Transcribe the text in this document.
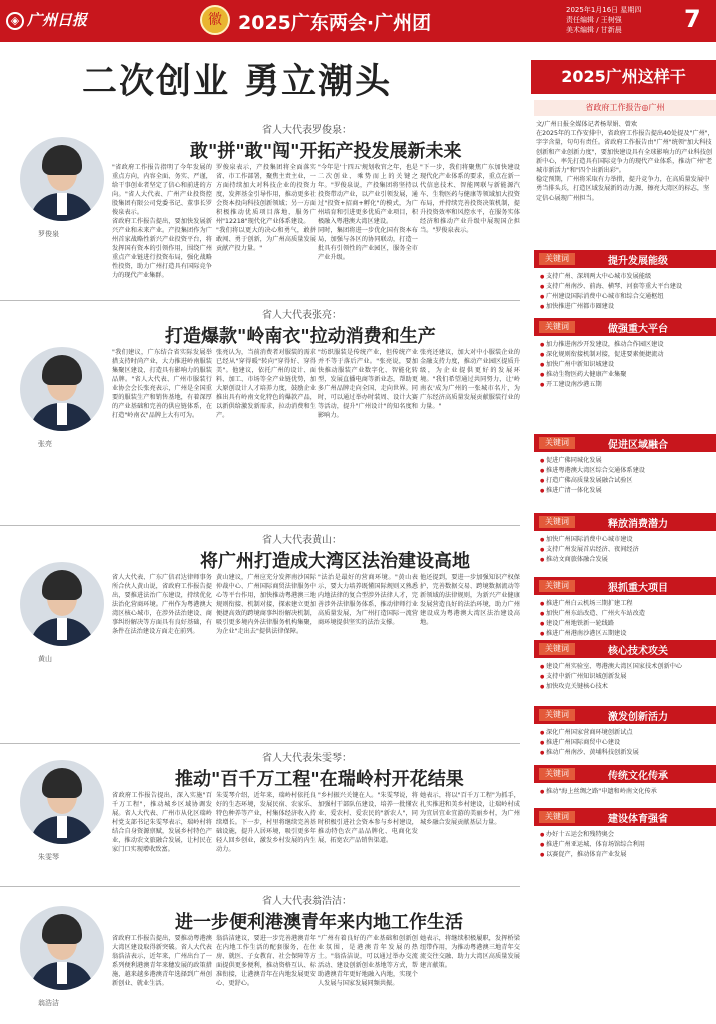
◈ 广州日报	徽 2025广东两会·广州团
2025年1月16日 星期四
责任编辑 / 王树强
美术编辑 / 甘新晨	7
二次创业 勇立潮头	2025广州这样干
省政府工作报告◎广州
文/广州日报全媒体记者杨翠娟、曾欢
在2025年的工作安排中，省政府工作报告提出40处提及"广州"，字字含量，句句有责任。省政府工作报告由"广州"统领"加大科技创新和产业创新力度"，要加快建设具有全球影响力的产业科技创新中心，率先打造具有国际竞争力的现代产业体系，推动广州"老城市新活力"和"四个出新出彩"。
稳定预期，广州将采取有力举措，提升竞争力，在高质量发展中勇当排头兵，打造区域发展新的动力源，擦亮大湾区的标志，坚定信心展现广州担当。
关键词	提升发展能级
● 支持广州、深圳两大中心城市发展能级
● 支持广州南沙、前海、横琴、河套等重大平台建设
● 广州建设国际消费中心城市和综合交通枢纽
● 加快推进广州都市圈建设
关键词	做强重大平台
● 加力推进南沙开发建设，推动合作园区建设
● 深化规则衔接机制对接，促进要素便捷流动
● 加快广州中新知识城建设
● 推动生物医药大健康产业集聚
● 开工建设南沙港五期
关键词	促进区域融合
● 促进广佛同城化发展
● 推进粤港澳大湾区综合交通体系建设
● 打造广佛高质量发展融合试验区
● 推进广清一体化发展
关键词	释放消费潜力
● 加快广州国际消费中心城市建设
● 支持广州发展首店经济、夜间经济
● 推动文商旅体融合发展
关键词	狠抓重大项目
● 推进广州白云机场三期扩建工程
● 加快广州东站改造、广州火车站改造
● 建设广州地铁新一轮线路
● 推进广州港南沙港区五期建设
关键词	核心技术攻关
● 建设广州实验室、粤港澳大湾区国家技术创新中心
● 支持中新广州知识城创新发展
● 加快攻克关键核心技术
关键词	激发创新活力
● 深化广州国家营商环境创新试点
● 推进广州国际商贸中心建设
● 推动广州南沙、黄埔科技创新发展
关键词	传统文化传承
● 推动"海上丝绸之路"申遗和岭南文化传承
关键词	建设体育强省
● 办好十五运会和残特奥会
● 推进广州亚运城、体育场馆综合利用
● 以赛促产，推动体育产业发展
省人大代表罗俊泉：
敢"拼"敢"闯"开拓产投发展新未来
罗俊泉
"省政府工作报告指明了今年发展的重点方向，内容全面、务实、严谨，给干事创业者坚定了信心和前进的方向。"省人大代表、广州产业投资控股集团有限公司党委书记、董事长罗俊泉表示。
省政府工作报告提出，要加快发展新兴产业和未来产业。产投集团作为广州首家战略性新兴产业投资平台，将发挥国有资本的引领作用，围绕广州重点产业链进行投资布局，强化战略性投资，助力广州打造具有国际竞争力的现代产业集群。
罗俊泉表示，产投集团将全面落实省、市工作部署，聚焦主责主业，一方面持续加大对科技企业的投资力度，发挥基金引导作用，推动更多社会资本投向科技创新领域；另一方面积极推动优质项目落地，服务广州"12218"现代化产业体系建设。
"我们将以更大的决心和勇气，敢拼敢闯、勇于创新，为广州高质量发展贡献产投力量。"
"今年是'十四五'规划收官之年，也是二次创业、乘势而上的关键之年。"罗俊泉说，产投集团将坚持以投资带动产业，以产业引领发展，通过"投资+招商+孵化"的模式，为广州培育和引进更多优质产业项目，积极融入粤港澳大湾区建设。
同时，集团将进一步优化国有资本布局，加强与各区的协同联动，打造一批具有引领性的产业园区，服务全市产业升级。
"下一步，我们将聚焦广东加快建设现代化产业体系的要求，重点在新一代信息技术、智能网联与新能源汽车、生物医药与健康等领域加大投资布局，并持续完善投资决策机制，提升投资效率和风控水平，在服务实体经济和推动产业升级中展现国企担当。"罗俊泉表示。
省人大代表张亮：
打造爆款"岭南衣"拉动消费和生产
张亮
"我们建议，广东结合省实际发展举措支持时尚产业，大力推进岭南服装集聚区建设，打造具有影响力的服装品牌。"省人大代表、广州市服装行业协会会长张亮表示，广州是全国重要的服装生产和销售基地，有着深厚的产业基础和完善的供应链体系，在打造"岭南衣"品牌上大有可为。
张亮认为，当前消费者对服装的需求已经从"穿得暖"转向"穿得好、穿得美"。他建议，依托广州的设计、面料、加工、市场等全产业链优势，加大原创设计人才培养力度，鼓励企业推出具有岭南文化特色的爆款产品，以新供给激发新需求，拉动消费和生产。
"纺织服装是传统产业，但传统产业并不等于落后产业。"张亮说，要加快推动服装产业数字化、智能化转型，发展直播电商等新业态，帮助更多广州品牌走向全国、走向世界。同时，可以通过举办时装周、设计大赛等活动，提升"广州设计"的知名度和影响力。
张亮还建议，加大对中小服装企业的金融支持力度，推动产业园区提质升级，为企业提供更好的发展环境。"我们希望通过共同努力，让'岭南衣'成为广州的一张城市名片，为广东经济高质量发展贡献服装行业的力量。"
省人大代表黄山：
将广州打造成大湾区法治建设高地
黄山
省人大代表、广东广信君达律师事务所合伙人黄山说，省政府工作报告提出，要推进法治广东建设，持续优化法治化营商环境。广州作为粤港澳大湾区核心城市，在涉外法治建设、商事纠纷解决等方面具有良好基础，有条件在法治建设方面走在前列。
黄山建议，广州应充分发挥南沙国际仲裁中心、广州国际商贸法律服务中心等平台作用，加快推动粤港澳三地规则衔接、机制对接，探索建立更加便捷高效的跨境商事纠纷解决机制，吸引更多境内外法律服务机构集聚，为企业"走出去"提供法律保障。
"法治是最好的营商环境。"黄山表示，要大力培养既懂国际规则又熟悉内地法律的复合型涉外法律人才，完善涉外法律服务体系，推动律师行业高质量发展，为广州打造国际一流营商环境提供坚实的法治支撑。
他还提到，要进一步加强知识产权保护，完善数据交易、跨境数据流动等新领域的法律规则，为新兴产业健康发展营造良好的法治环境，助力广州建设成为粤港澳大湾区法治建设高地。
省人大代表朱雯琴：
推动"百千万工程"在瑞岭村开花结果
朱雯琴
省政府工作报告提出，深入实施"百千万工程"，推动城乡区域协调发展。省人大代表、广州市从化区瑞岭村党支部书记朱雯琴表示，瑞岭村将结合自身资源禀赋，发展乡村特色产业，推动农文旅融合发展，让村民在家门口实现增收致富。
朱雯琴介绍，近年来，瑞岭村依托良好的生态环境，发展民宿、农家乐、特色种养等产业，村集体经济收入持续增长。下一步，村里将继续完善基础设施，提升人居环境，吸引更多年轻人回乡创业，激发乡村发展的内生动力。
"乡村振兴关键在人。"朱雯琴说，将加强村干部队伍建设，培养一批懂农业、爱农村、爱农民的"新农人"，同时积极引进社会资本参与乡村建设，推动特色农产品品牌化、电商化发展，拓宽农产品销售渠道。
她表示，将以"百千万工程"为抓手，扎实推进和美乡村建设，让瑞岭村成为宜居宜业宜游的美丽乡村，为广州城乡融合发展贡献基层力量。
省人大代表翁浩洁：
进一步便利港澳青年来内地工作生活
翁浩洁
省政府工作报告提出，要推动粤港澳大湾区建设取得新突破。省人大代表翁浩洁表示，近年来，广州出台了一系列便利港澳青年来穗发展的政策措施，越来越多港澳青年选择到广州创新创业、就业生活。
翁浩洁建议，要进一步完善港澳青年在内地工作生活的配套服务，在住房、就医、子女教育、社会保障等方面提供更多便利，推动资格互认、标准衔接，让港澳青年在内地发展更安心、更舒心。
"广州有着良好的产业基础和创新创业氛围，是港澳青年发展的热土。"翁浩洁说，可以通过举办交流活动、建设创新创业基地等方式，帮助港澳青年更好地融入内地，实现个人发展与国家发展同频共振。
她表示，将继续积极履职，发挥桥梁纽带作用，为推动粤港澳三地青年交流交往交融、助力大湾区高质量发展建言献策。
